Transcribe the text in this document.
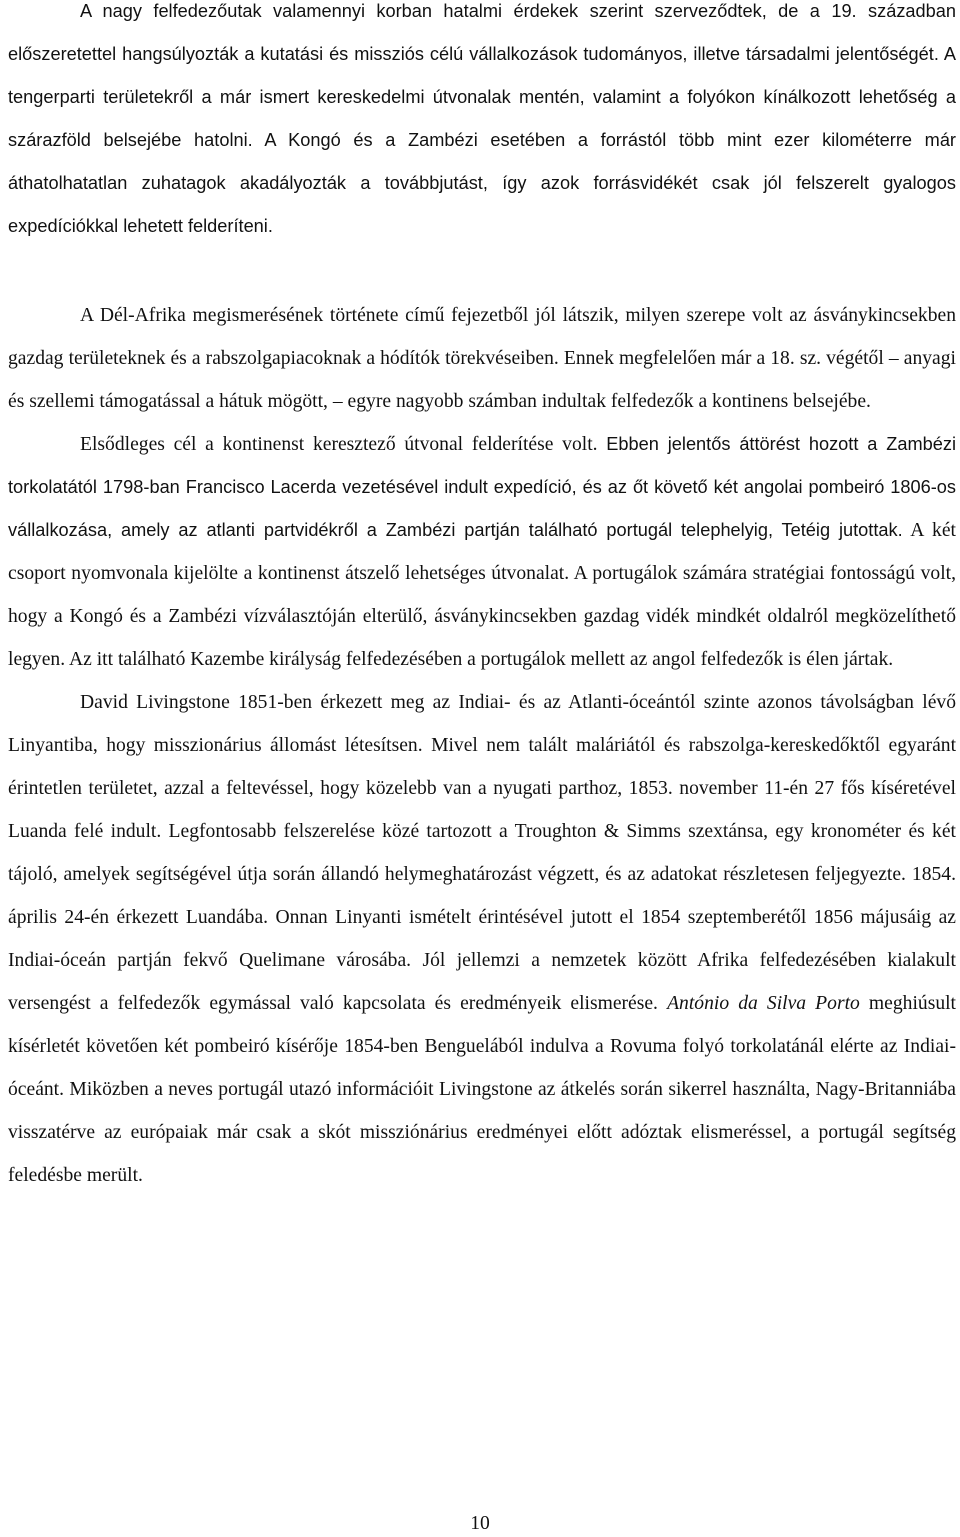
A nagy felfedezőutak valamennyi korban hatalmi érdekek szerint szerveződtek, de a 19. században előszeretettel hangsúlyozták a kutatási és missziós célú vállalkozások tudományos, illetve társadalmi jelentőségét. A tengerparti területekről a már ismert kereskedelmi útvonalak mentén, valamint a folyókon kínálkozott lehetőség a szárazföld belsejébe hatolni. A Kongó és a Zambézi esetében a forrástól több mint ezer kilométerre már áthatolhatatlan zuhatagok akadályozták a továbbjutást, így azok forrásvidékét csak jól felszerelt gyalogos expedíciókkal lehetett felderíteni.

A Dél-Afrika megismerésének története című fejezetből jól látszik, milyen szerepe volt az ásványkincsekben gazdag területeknek és a rabszolgapiacoknak a hódítók törekvéseiben. Ennek megfelelően már a 18. sz. végétől – anyagi és szellemi támogatással a hátuk mögött, – egyre nagyobb számban indultak felfedezők a kontinens belsejébe.

Elsődleges cél a kontinenst keresztező útvonal felderítése volt. Ebben jelentős áttörést hozott a Zambézi torkolatától 1798-ban Francisco Lacerda vezetésével indult expedíció, és az őt követő két angolai pombeiró 1806-os vállalkozása, amely az atlanti partvidékről a Zambézi partján található portugál telephelyig, Tetéig jutottak. A két csoport nyomvonala kijelölte a kontinenst átszelő lehetséges útvonalat. A portugálok számára stratégiai fontosságú volt, hogy a Kongó és a Zambézi vízválasztóján elterülő, ásványkincsekben gazdag vidék mindkét oldalról megközelíthető legyen. Az itt található Kazembe királyság felfedezésében a portugálok mellett az angol felfedezők is élen jártak.

David Livingstone 1851-ben érkezett meg az Indiai- és az Atlanti-óceántól szinte azonos távolságban lévő Linyantiba, hogy misszionárius állomást létesítsen. Mivel nem talált maláriától és rabszolga-kereskedőktől egyaránt érintetlen területet, azzal a feltevéssel, hogy közelebb van a nyugati parthoz, 1853. november 11-én 27 fős kíséretével Luanda felé indult. Legfontosabb felszerelése közé tartozott a Troughton & Simms szextánsa, egy kronométer és két tájoló, amelyek segítségével útja során állandó helymeghatározást végzett, és az adatokat részletesen feljegyezte. 1854. április 24-én érkezett Luandába. Onnan Linyanti ismételt érintésével jutott el 1854 szeptemberétől 1856 májusáig az Indiai-óceán partján fekvő Quelimane városába. Jól jellemzi a nemzetek között Afrika felfedezésében kialakult versengést a felfedezők egymással való kapcsolata és eredményeik elismerése. António da Silva Porto meghiúsult kísérletét követően két pombeiró kísérője 1854-ben Benguelából indulva a Rovuma folyó torkolatánál elérte az Indiai-óceánt. Miközben a neves portugál utazó információit Livingstone az átkelés során sikerrel használta, Nagy-Britanniába visszatérve az európaiak már csak a skót missziónárius eredményei előtt adóztak elismeréssel, a portugál segítség feledésbe merült.

10
